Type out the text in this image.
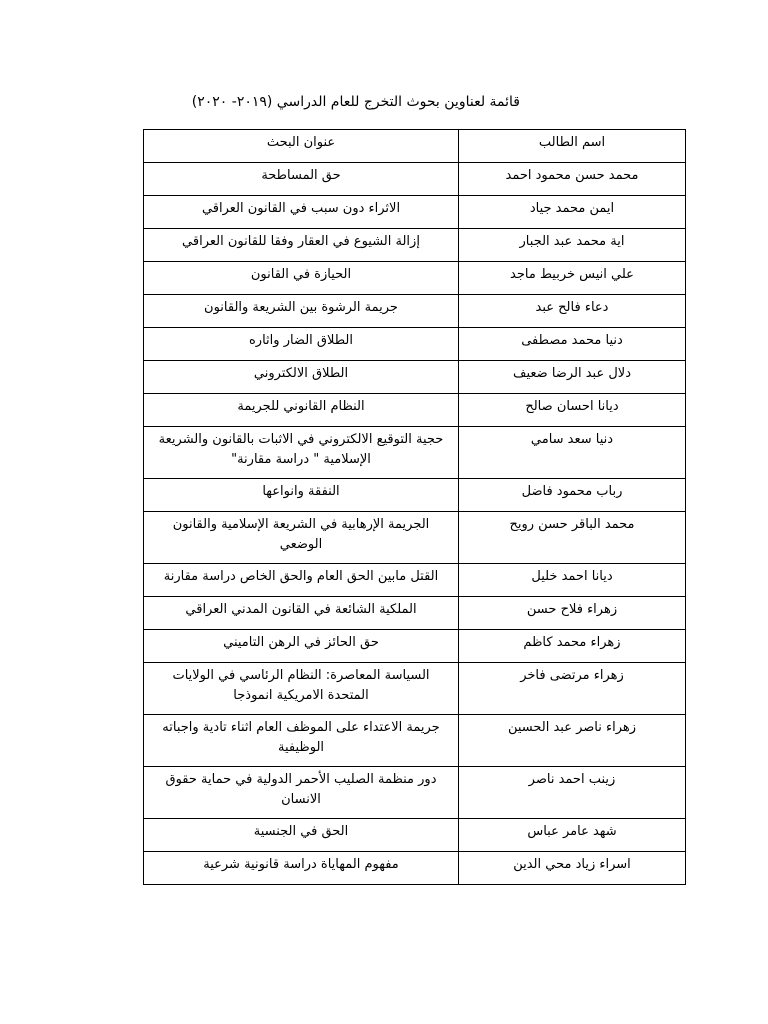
قائمة لعناوين بحوث التخرج للعام الدراسي (٢٠١٩- ٢٠٢٠)
اسم الطالب	عنوان البحث
محمد حسن محمود احمد	حق المساطحة
ايمن محمد جياد	الاثراء دون سبب في القانون العراقي
اية محمد عبد الجبار	إزالة الشيوع في العقار وفقا للقانون العراقي
علي انيس خربيط ماجد	الحيازة في القانون
دعاء فالح عبد	جريمة الرشوة بين الشريعة والقانون
دنيا محمد مصطفى	الطلاق الضار واثاره
دلال عبد الرضا ضعيف	الطلاق الالكتروني
ديانا احسان صالح	النظام القانوني للجريمة
دنيا سعد سامي	حجية التوقيع الالكتروني في الاثبات بالقانون والشريعة الإسلامية " دراسة مقارنة"
رباب محمود فاضل	النفقة وانواعها
محمد الباقر حسن رويح	الجريمة الإرهابية في الشريعة الإسلامية والقانون الوضعي
ديانا احمد خليل	القتل مابين الحق العام والحق الخاص دراسة مقارنة
زهراء فلاح حسن	الملكية الشائعة في القانون المدني العراقي
زهراء محمد كاظم	حق الحائز في الرهن التاميني
زهراء مرتضى فاخر	السياسة المعاصرة: النظام الرئاسي في الولايات المتحدة الامريكية انموذجا
زهراء ناصر عبد الحسين	جريمة الاعتداء على الموظف العام اثناء تادية واجباته الوظيفية
زينب احمد ناصر	دور منظمة الصليب الأحمر الدولية في حماية حقوق الانسان
شهد عامر عباس	الحق في الجنسية
اسراء زياد محي الدين	مفهوم المهاياة دراسة قانونية شرعية
